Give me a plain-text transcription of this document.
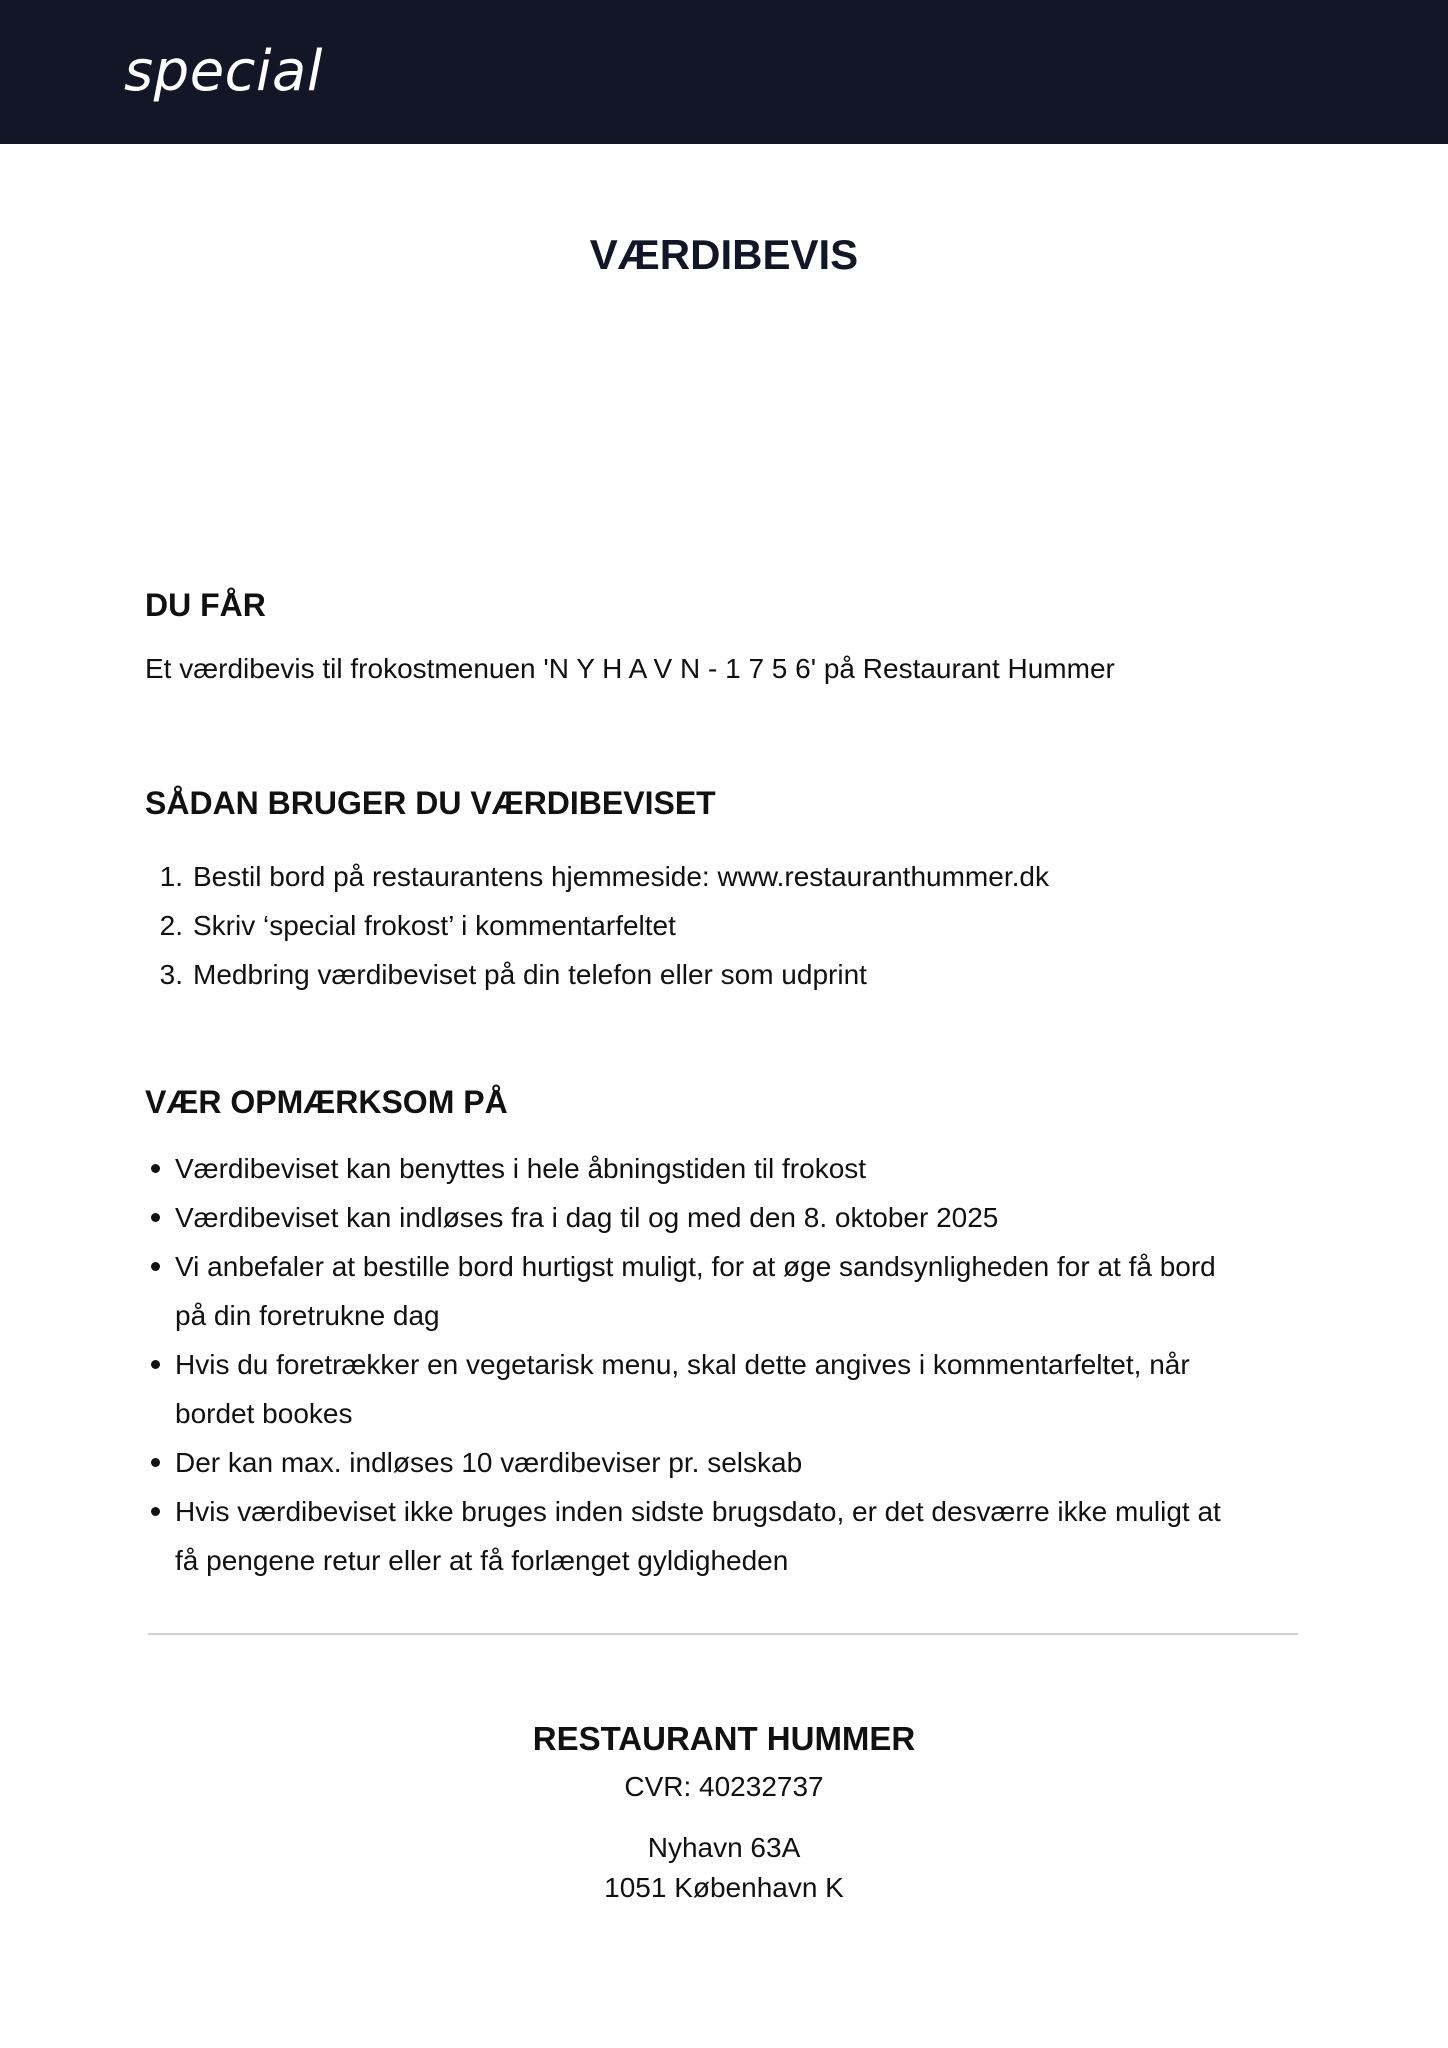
special
VÆRDIBEVIS
DU FÅR
Et værdibevis til frokostmenuen 'N Y H A V N - 1 7 5 6' på Restaurant Hummer
SÅDAN BRUGER DU VÆRDIBEVISET
1 . Bestil bord på restaurantens hjemmeside: www.restauranthummer.dk
2 . Skriv ‘special frokost’ i kommentarfeltet
3 . Medbring værdibeviset på din telefon eller som udprint
VÆR OPMÆRKSOM PÅ
Værdibeviset kan benyttes i hele åbningstiden til frokost
Værdibeviset kan indløses fra i dag til og med den 8. oktober 2025
Vi anbefaler at bestille bord hurtigst muligt, for at øge sandsynligheden for at få bord på din foretrukne dag
Hvis du foretrækker en vegetarisk menu, skal dette angives i kommentarfeltet, når bordet bookes
Der kan max. indløses 10 værdibeviser pr. selskab
Hvis værdibeviset ikke bruges inden sidste brugsdato, er det desværre ikke muligt at få pengene retur eller at få forlænget gyldigheden
RESTAURANT HUMMER
CVR: 40232737
Nyhavn 63A
1051 København K
